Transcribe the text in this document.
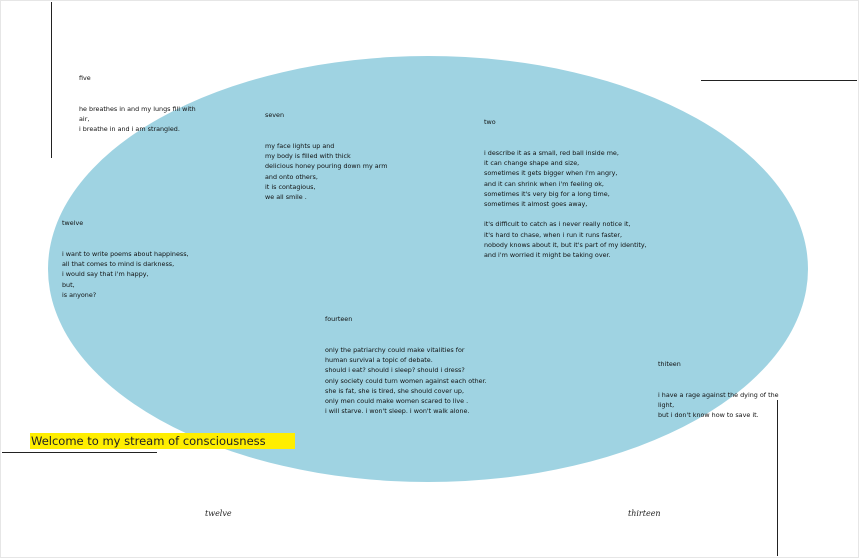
five

he breathes in and my lungs fill with
air,
i breathe in and i am strangled.

seven

my face lights up and
my body is filled with thick
delicious honey pouring down my arm
and onto others,
it is contagious,
we all smile .

two

i describe it as a small, red ball inside me,
it can change shape and size,
sometimes it gets bigger when i'm angry,
and it can shrink when i'm feeling ok,
sometimes it's very big for a long time,
sometimes it almost goes away,

it's difficult to catch as i never really notice it,
it's hard to chase, when i run it runs faster,
nobody knows about it, but it's part of my identity,
and i'm worried it might be taking over.

twelve

i want to write poems about happiness,
all that comes to mind is darkness,
i would say that i'm happy,
but,
is anyone?

fourteen

only the patriarchy could make vitalities for
human survival a topic of debate.
should i eat? should i sleep? should i dress?
only society could turn women against each other.
she is fat, she is tired, she should cover up,
only men could make women scared to live .
i will starve. i won't sleep. i won't walk alone.

thiteen

i have a rage against the dying of the
light,
but i don't know how to save it.

Welcome to my stream of consciousness
twelve	thirteen
